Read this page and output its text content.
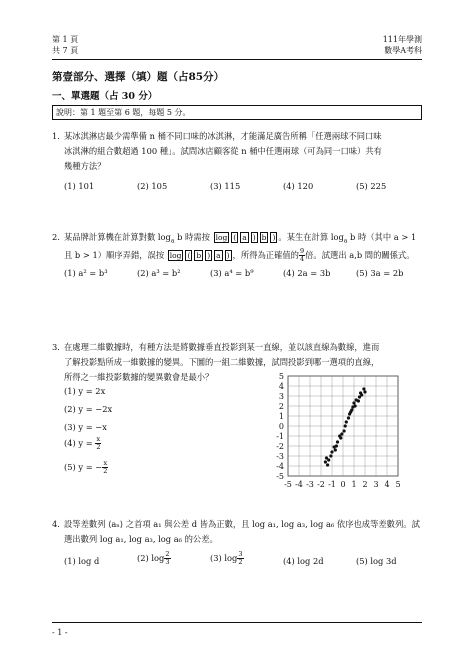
第 1 頁
共 7 頁
111年學測
數學A考科
第壹部分、選擇（填）題（占85分）
一、單選題（占 30 分）
說明：第 1 題至第 6 題，每題 5 分。
1. 某冰淇淋店最少需準備 n 桶不同口味的冰淇淋，才能滿足廣告所稱「任選兩球不同口味
冰淇淋的組合數超過 100 種」。試問冰店顧客從 n 桶中任選兩球（可為同一口味）共有
幾種方法？
(1) 101	(2) 105	(3) 115	(4) 120	(5) 225
2. 某品牌計算機在計算對數 $\log_a b$ 時需按 log ( a ) b ) 。某生在計算 $\log_a b$ 時（其中 a > 1
且 b > 1）順序弄錯，誤按 log ( b ) a ) ，所得為正確值的 $\frac{9}{4}$ 倍。試選出 a,b 間的關係式。
(1) a² = b³	(2) a³ = b²	(3) a⁴ = b⁹	(4) 2a = 3b	(5) 3a = 2b
3. 在處理二維數據時，有種方法是將數據垂直投影到某一直線，並以該直線為數線，進而
了解投影點所成一維數據的變異。下圖的一組二維數據，試問投影到哪一選項的直線，
所得之一維投影數據的變異數會是最小？
(1) y = 2x
(2) y = −2x
(3) y = −x
(4) $y = \frac{x}{2}$
(5) y = − $\frac{x}{2}$
-5 -4 -3 -2 -1 0 1 2 3 4 5
5
4
3
2
1
0
-1
-2
-3
-4
-5
4. 設等差數列 ⟨aₙ⟩ 之首項 a₁ 與公差 d 皆為正數，且 log a₁, log a₃, log a₆ 依序也成等差數列。試
選出數列 log a₁, log a₃, log a₆ 的公差。
(1) log d	(2) $\log \frac{2}{3}$	(3) $\log \frac{3}{2}$	(4) log 2d	(5) log 3d
- 1 -
